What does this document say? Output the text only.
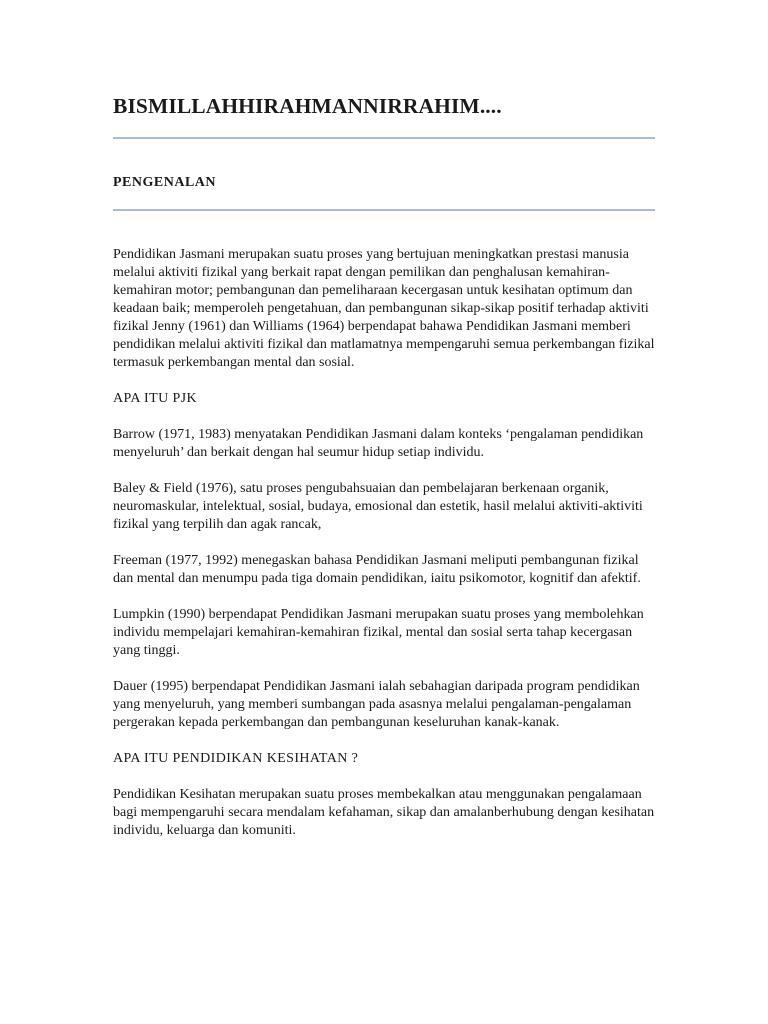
BISMILLAHHIRAHMANNIRRAHIM....
PENGENALAN

Pendidikan Jasmani merupakan suatu proses yang bertujuan meningkatkan prestasi manusia melalui aktiviti fizikal yang berkait rapat dengan pemilikan dan penghalusan kemahiran-kemahiran motor; pembangunan dan pemeliharaan kecergasan untuk kesihatan optimum dan keadaan baik; memperoleh pengetahuan, dan pembangunan sikap-sikap positif terhadap aktiviti fizikal Jenny (1961) dan Williams (1964) berpendapat bahawa Pendidikan Jasmani memberi pendidikan melalui aktiviti fizikal dan matlamatnya mempengaruhi semua perkembangan fizikal termasuk perkembangan mental dan sosial.

APA ITU PJK

Barrow (1971, 1983) menyatakan Pendidikan Jasmani dalam konteks ‘pengalaman pendidikan menyeluruh’ dan berkait dengan hal seumur hidup setiap individu.

Baley & Field (1976), satu proses pengubahsuaian dan pembelajaran berkenaan organik, neuromaskular, intelektual, sosial, budaya, emosional dan estetik, hasil melalui aktiviti-aktiviti fizikal yang terpilih dan agak rancak,

Freeman (1977, 1992) menegaskan bahasa Pendidikan Jasmani meliputi pembangunan fizikal dan mental dan menumpu pada tiga domain pendidikan, iaitu psikomotor, kognitif dan afektif.

Lumpkin (1990) berpendapat Pendidikan Jasmani merupakan suatu proses yang membolehkan individu mempelajari kemahiran-kemahiran fizikal, mental dan sosial serta tahap kecergasan yang tinggi.

Dauer (1995) berpendapat Pendidikan Jasmani ialah sebahagian daripada program pendidikan yang menyeluruh, yang memberi sumbangan pada asasnya melalui pengalaman-pengalaman pergerakan kepada perkembangan dan pembangunan keseluruhan kanak-kanak.

APA ITU PENDIDIKAN KESIHATAN ?

Pendidikan Kesihatan merupakan suatu proses membekalkan atau menggunakan pengalamaan bagi mempengaruhi secara mendalam kefahaman, sikap dan amalanberhubung dengan kesihatan individu, keluarga dan komuniti.
